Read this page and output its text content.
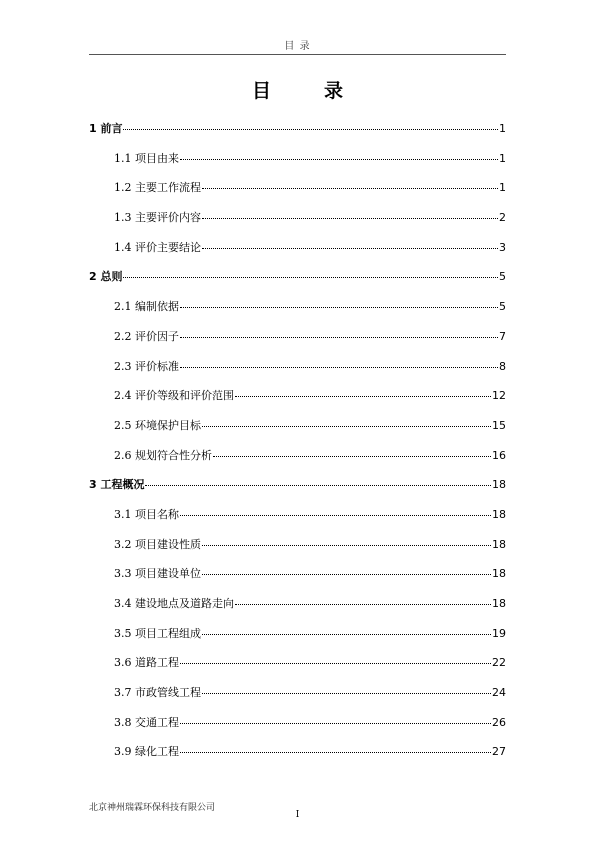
目 录
目        录
1 前言	1
1.1 项目由来	1
1.2 主要工作流程	1
1.3 主要评价内容	2
1.4 评价主要结论	3
2 总则	5
2.1 编制依据	5
2.2 评价因子	7
2.3 评价标准	8
2.4 评价等级和评价范围	12
2.5 环境保护目标	15
2.6 规划符合性分析	16
3 工程概况	18
3.1 项目名称	18
3.2 项目建设性质	18
3.3 项目建设单位	18
3.4 建设地点及道路走向	18
3.5 项目工程组成	19
3.6 道路工程	22
3.7 市政管线工程	24
3.8 交通工程	26
3.9 绿化工程	27
北京神州瑞霖环保科技有限公司
I
